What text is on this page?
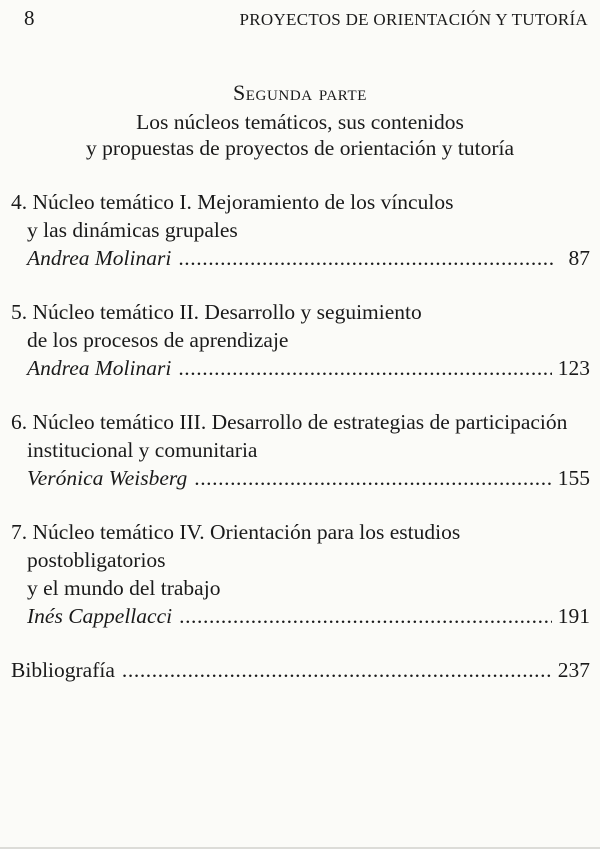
8	PROYECTOS DE ORIENTACIÓN Y TUTORÍA
Segunda parte
Los núcleos temáticos, sus contenidos
y propuestas de proyectos de orientación y tutoría
4. Núcleo temático I. Mejoramiento de los vínculos
y las dinámicas grupales
Andrea Molinari .....	87
5. Núcleo temático II. Desarrollo y seguimiento
de los procesos de aprendizaje
Andrea Molinari .....	123
6. Núcleo temático III. Desarrollo de estrategias de participación
institucional y comunitaria
Verónica Weisberg .....	155
7. Núcleo temático IV. Orientación para los estudios postobligatorios
y el mundo del trabajo
Inés Cappellacci .....	191
Bibliografía .....	237
